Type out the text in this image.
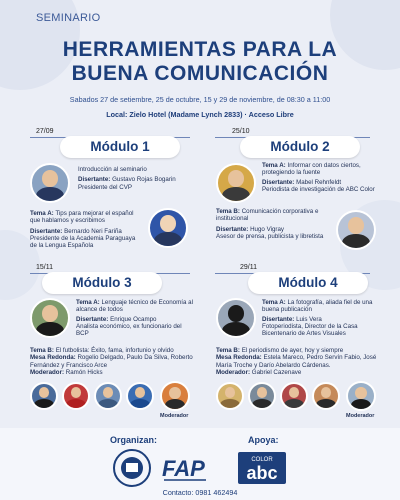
SEMINARIO
HERRAMIENTAS PARA LA
BUENA COMUNICACIÓN
Sabados 27 de setiembre, 25 de octubre, 15 y 29 de noviembre, de 08:30 a 11:00
Local: Zielo Hotel (Madame Lynch 2833) · Acceso Libre
27/09
Módulo 1
Introducción al seminario
Disertante: Gustavo Rojas Bogarin
Presidente del CVP
Tema A: Tips para mejorar el español que hablamos y escribimos
Disertante: Bernardo Neri Fariña
Presidente de la Academia Paraguaya de la Lengua Española
25/10
Módulo 2
Tema A: Informar con datos ciertos, protegiendo la fuente
Disertante: Mabel Rehnfeldt
Periodista de investigación de ABC Color
Tema B: Comunicación corporativa e institucional
Disertante: Hugo Vigray
Asesor de prensa, publicista y libretista
15/11
Módulo 3
Tema A: Lenguaje técnico de Economía al alcance de todos
Disertante: Enrique Ocampo
Analista económico, ex funcionario del BCP
Tema B: El futbolista: Éxito, fama, infortunio y olvido
Mesa Redonda: Rogelio Delgado, Paulo Da Silva, Roberto Fernández y Francisco Arce
Moderador: Ramón Hicks
Moderador
29/11
Módulo 4
Tema A: La fotografía, aliada fiel de una buena publicación
Disertante: Luis Vera
Fotoperiodista, Director de la Casa Bicentenario de Artes Visuales
Tema B: El periodismo de ayer, hoy y siempre
Mesa Redonda: Estela Mareco, Pedro Servín Fabio, José María Troche y Darío Abelardo Cárdenas.
Moderador: Gabriel Cazenave
Moderador
Organizan:	Apoya:
FAP	COLOR
abc
Contacto: 0981 462494
